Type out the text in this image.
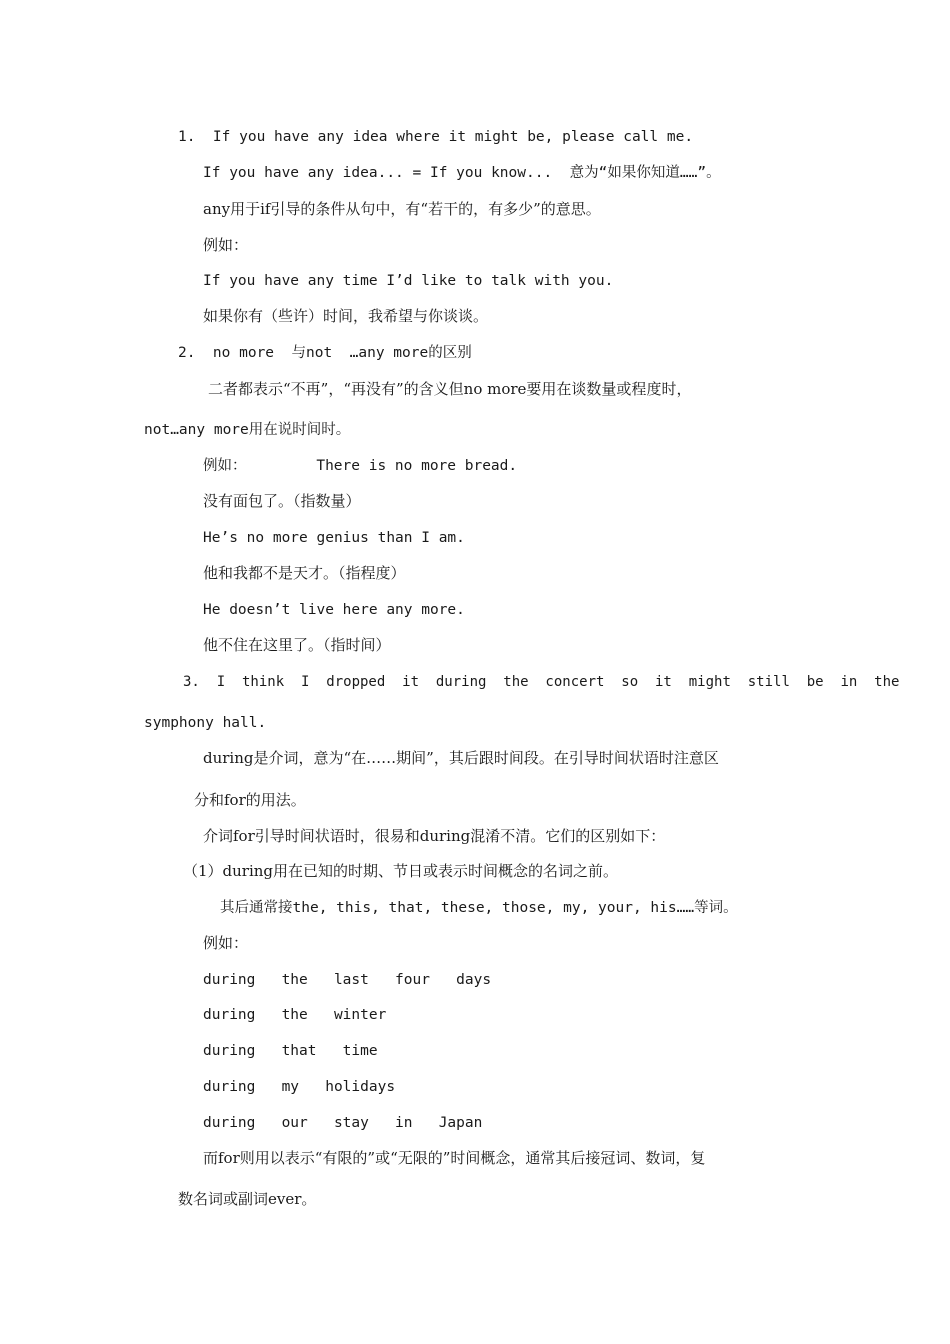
1.  If you have any idea where it might be, please call me.
If you have any idea... = If you know...  意为“如果你知道……”。
any用于if引导的条件从句中，有“若干的，有多少”的意思。
例如：
If you have any time I’d like to talk with you.
如果你有（些许）时间，我希望与你谈谈。
2.  no more  与not  …any more的区别
二者都表示“不再”，“再没有”的含义但no more要用在谈数量或程度时，
not…any more用在说时间时。
例如：        There is no more bread.
没有面包了。（指数量）
He’s no more genius than I am.
他和我都不是天才。（指程度）
He doesn’t live here any more.
他不住在这里了。（指时间）
3.  I  think  I  dropped  it  during  the  concert  so  it  might  still  be  in  the
symphony hall.
during是介词，意为“在……期间”，其后跟时间段。在引导时间状语时注意区
分和for的用法。
介词for引导时间状语时，很易和during混淆不清。它们的区别如下：
（1）during用在已知的时期、节日或表示时间概念的名词之前。
其后通常接the, this, that, these, those, my, your, his……等词。
例如：
during   the   last   four   days
during   the   winter
during   that   time
during   my   holidays
during   our   stay   in   Japan
而for则用以表示“有限的”或“无限的”时间概念，通常其后接冠词、数词，复
数名词或副词ever。
